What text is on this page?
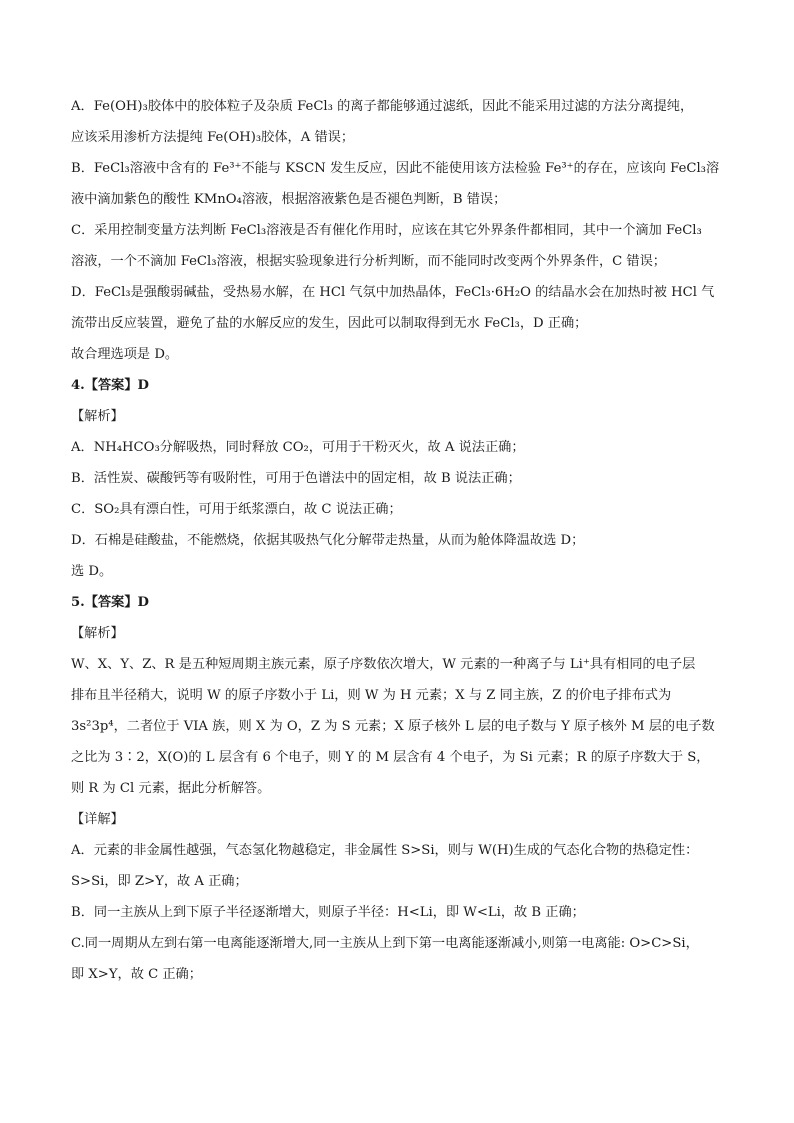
A．Fe(OH)₃胶体中的胶体粒子及杂质 FeCl₃ 的离子都能够通过滤纸，因此不能采用过滤的方法分离提纯，

应该采用渗析方法提纯 Fe(OH)₃胶体，A 错误；

B．FeCl₃溶液中含有的 Fe³⁺不能与 KSCN 发生反应，因此不能使用该方法检验 Fe³⁺的存在，应该向 FeCl₃溶

液中滴加紫色的酸性 KMnO₄溶液，根据溶液紫色是否褪色判断，B 错误；

C．采用控制变量方法判断 FeCl₃溶液是否有催化作用时，应该在其它外界条件都相同，其中一个滴加 FeCl₃

溶液，一个不滴加 FeCl₃溶液，根据实验现象进行分析判断，而不能同时改变两个外界条件，C 错误；

D．FeCl₃是强酸弱碱盐，受热易水解，在 HCl 气氛中加热晶体，FeCl₃·6H₂O 的结晶水会在加热时被 HCl 气

流带出反应装置，避免了盐的水解反应的发生，因此可以制取得到无水 FeCl₃，D 正确；

故合理选项是 D。

4.【答案】D

【解析】

A．NH₄HCO₃分解吸热，同时释放 CO₂，可用于干粉灭火，故 A 说法正确；

B．活性炭、碳酸钙等有吸附性，可用于色谱法中的固定相，故 B 说法正确；

C．SO₂具有漂白性，可用于纸浆漂白，故 C 说法正确；

D．石棉是硅酸盐，不能燃烧，依据其吸热气化分解带走热量，从而为舱体降温故选 D；

选 D。

5.【答案】D

【解析】

W、X、Y、Z、R 是五种短周期主族元素，原子序数依次增大，W 元素的一种离子与 Li⁺具有相同的电子层

排布且半径稍大，说明 W 的原子序数小于 Li，则 W 为 H 元素；X 与 Z 同主族，Z 的价电子排布式为

3s²3p⁴，二者位于 VIA 族，则 X 为 O，Z 为 S 元素；X 原子核外 L 层的电子数与 Y 原子核外 M 层的电子数

之比为 3∶2，X(O)的 L 层含有 6 个电子，则 Y 的 M 层含有 4 个电子，为 Si 元素；R 的原子序数大于 S，

则 R 为 Cl 元素，据此分析解答。

【详解】

A．元素的非金属性越强，气态氢化物越稳定，非金属性 S>Si，则与 W(H)生成的气态化合物的热稳定性：

S>Si，即 Z>Y，故 A 正确；

B．同一主族从上到下原子半径逐渐增大，则原子半径：H<Li，即 W<Li，故 B 正确；

C.同一周期从左到右第一电离能逐渐增大,同一主族从上到下第一电离能逐渐减小,则第一电离能: O>C>Si，

即 X>Y，故 C 正确；
